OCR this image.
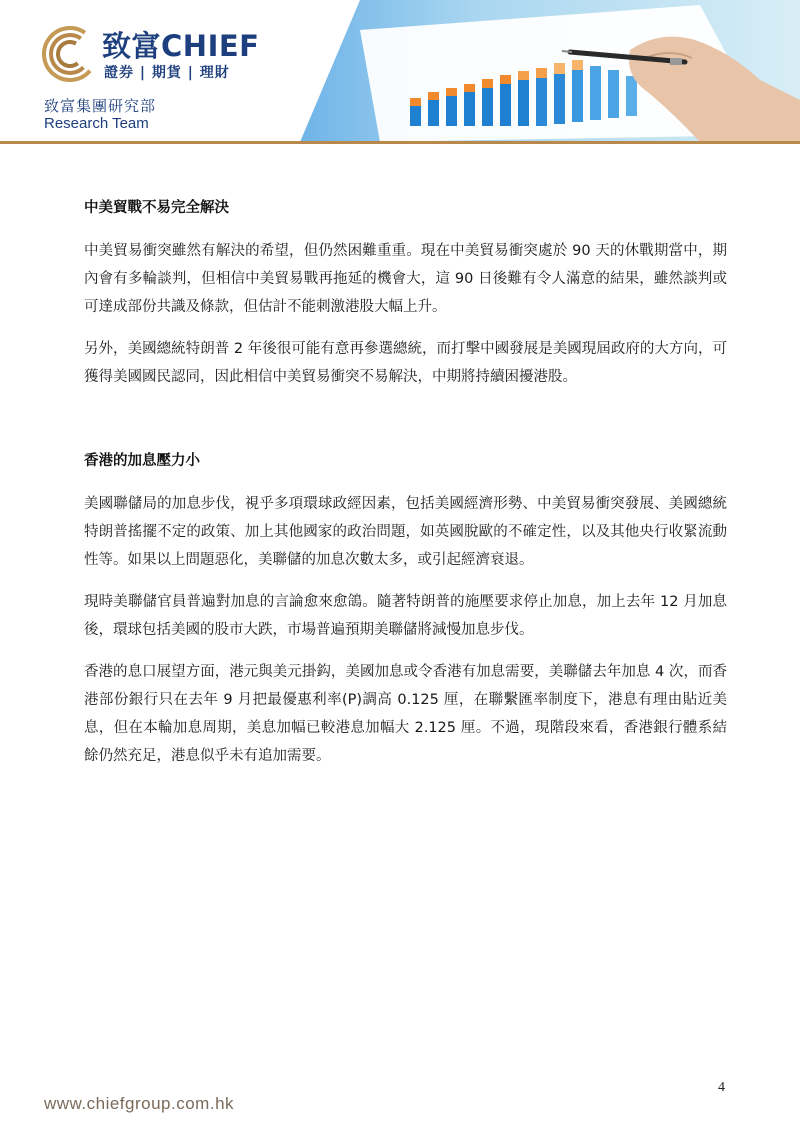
致富CHIEF
證券 | 期貨 | 理財
致富集團研究部
Research Team
中美貿戰不易完全解決

中美貿易衝突雖然有解決的希望，但仍然困難重重。現在中美貿易衝突處於 90 天的休戰期當中，期內會有多輪談判，但相信中美貿易戰再拖延的機會大，這 90 日後難有令人滿意的結果，雖然談判或可達成部份共識及條款，但估計不能刺激港股大幅上升。

另外，美國總統特朗普 2 年後很可能有意再參選總統，而打擊中國發展是美國現屆政府的大方向，可獲得美國國民認同，因此相信中美貿易衝突不易解決，中期將持續困擾港股。

香港的加息壓力小

美國聯儲局的加息步伐，視乎多項環球政經因素，包括美國經濟形勢、中美貿易衝突發展、美國總統特朗普搖擺不定的政策、加上其他國家的政治問題，如英國脫歐的不確定性，以及其他央行收緊流動性等。如果以上問題惡化，美聯儲的加息次數太多，或引起經濟衰退。

現時美聯儲官員普遍對加息的言論愈來愈鴿。隨著特朗普的施壓要求停止加息，加上去年 12 月加息後，環球包括美國的股市大跌，市場普遍預期美聯儲將減慢加息步伐。

香港的息口展望方面，港元與美元掛鈎，美國加息或令香港有加息需要，美聯儲去年加息 4 次，而香港部份銀行只在去年 9 月把最優惠利率(P)調高 0.125 厘，在聯繫匯率制度下，港息有理由貼近美息，但在本輪加息周期，美息加幅已較港息加幅大 2.125 厘。不過，現階段來看，香港銀行體系結餘仍然充足，港息似乎未有追加需要。

4
www.chiefgroup.com.hk
